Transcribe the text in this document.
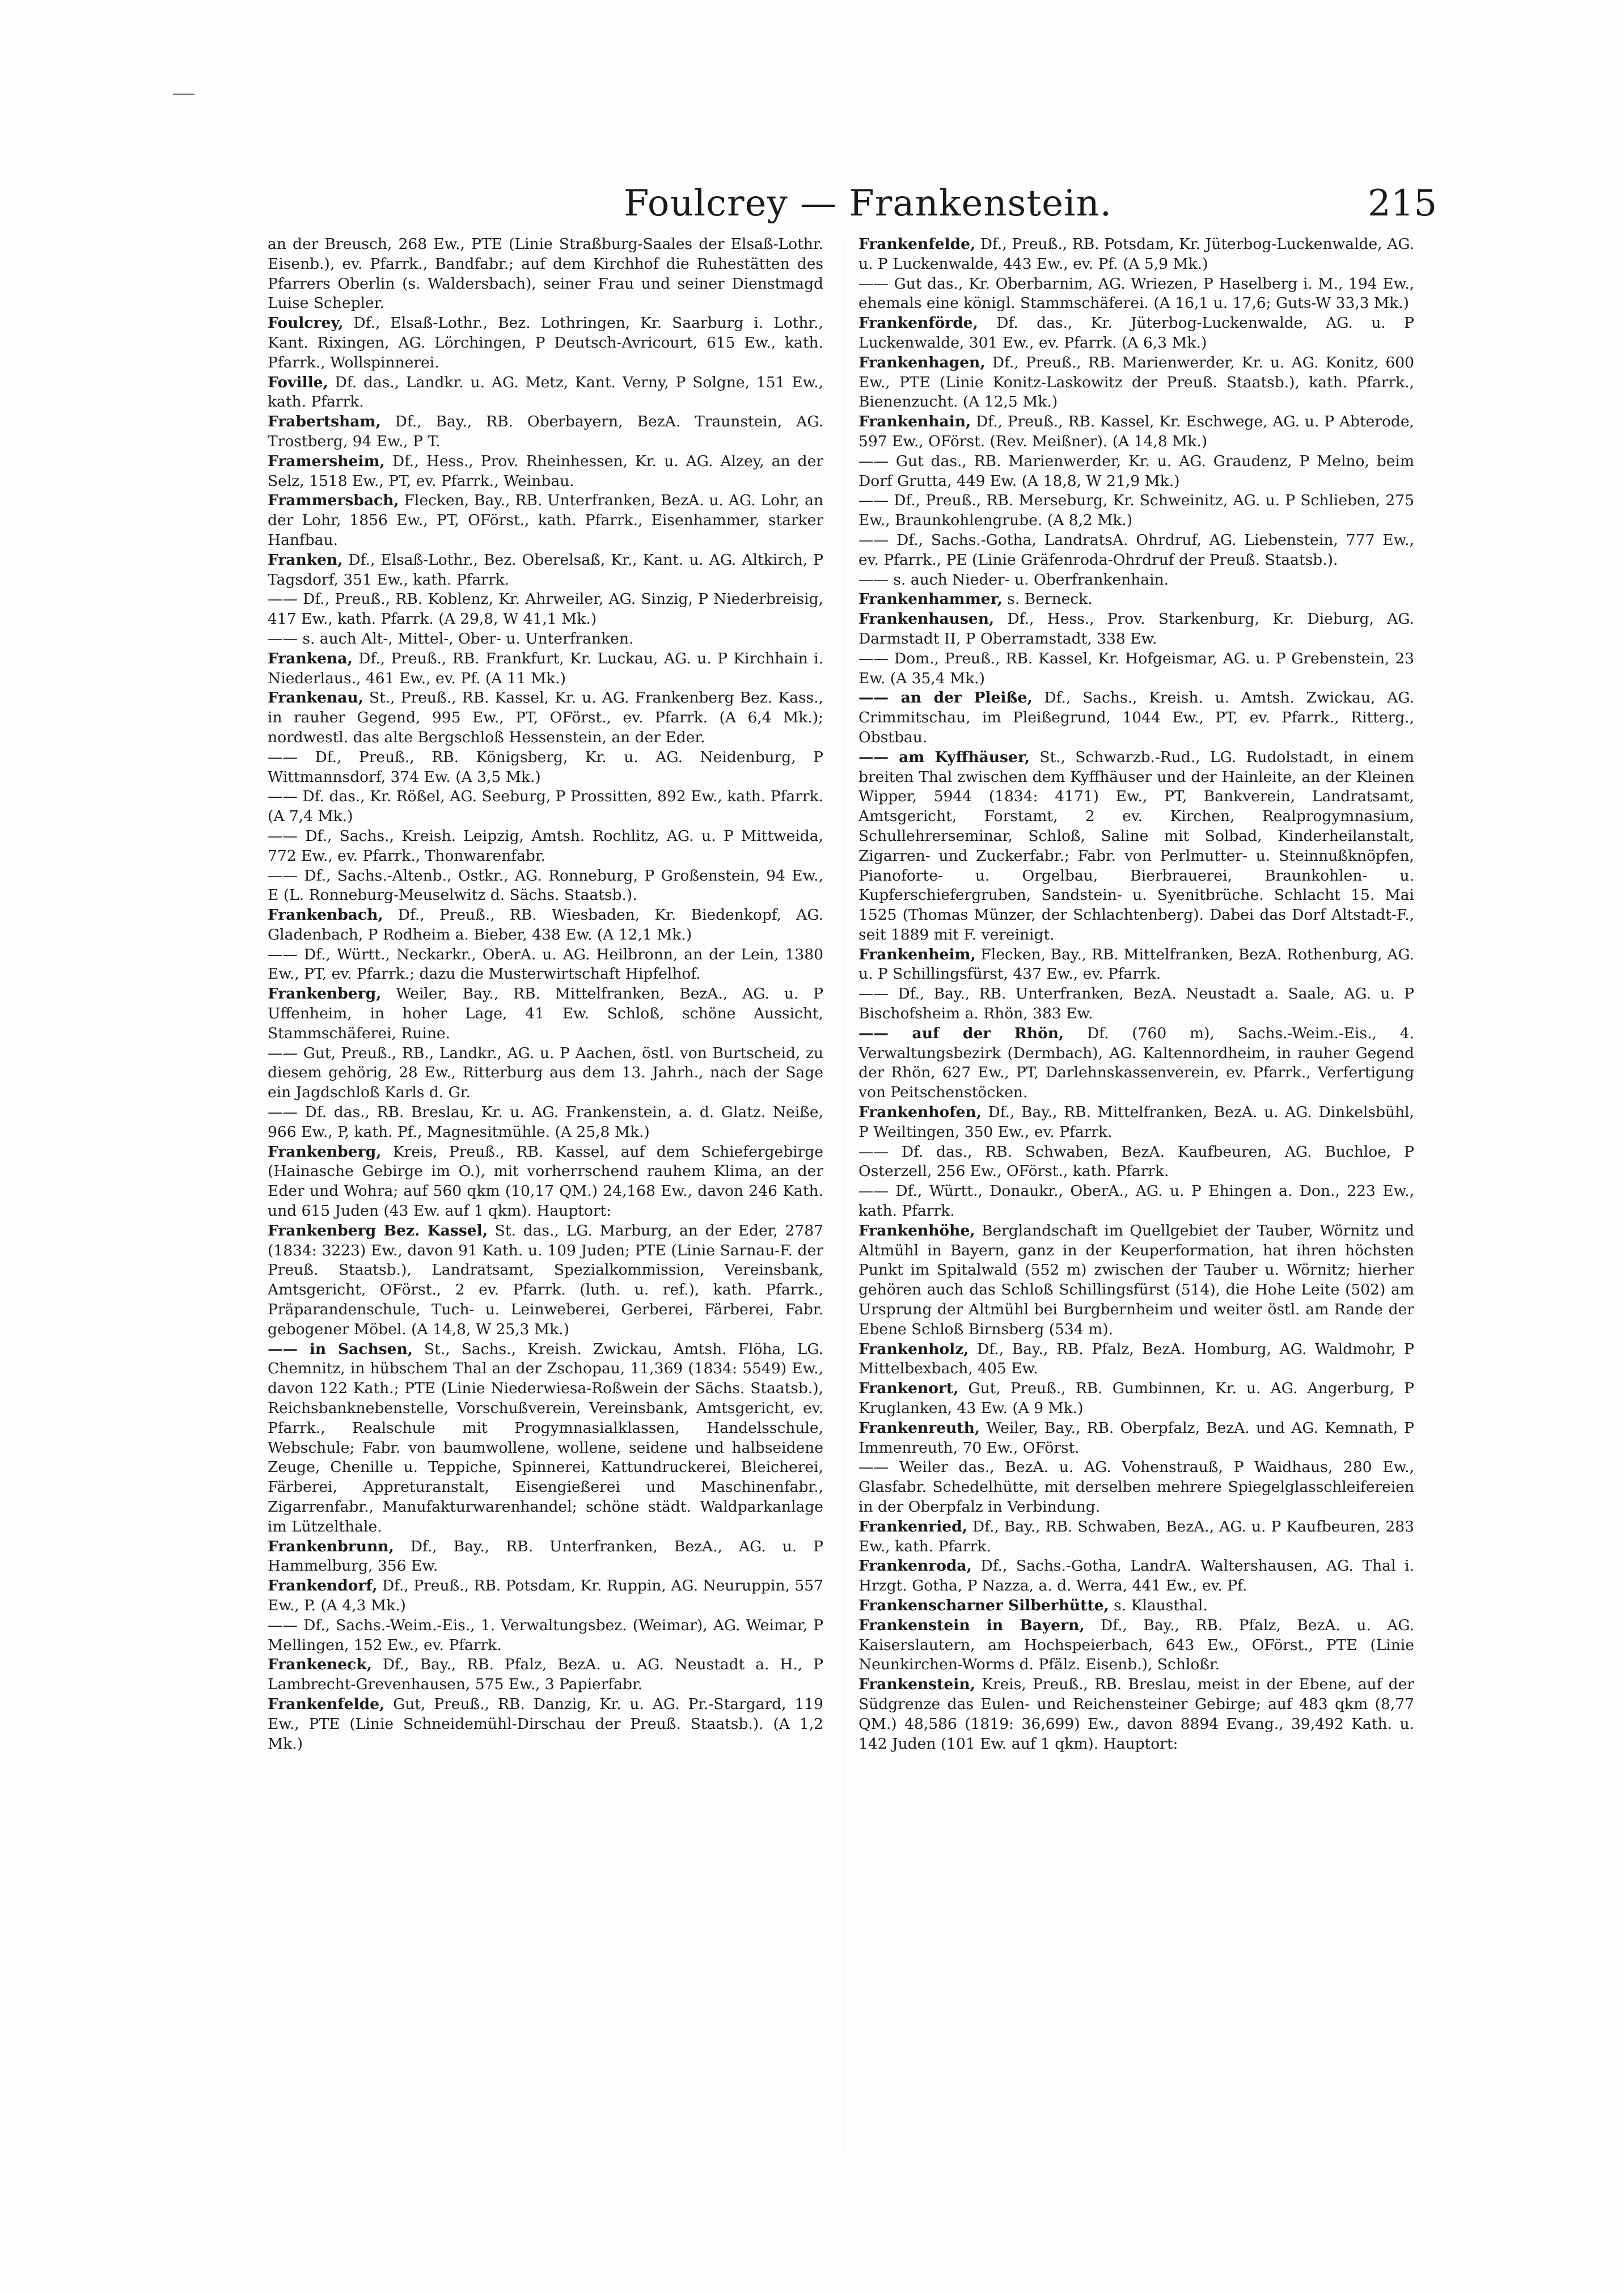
Foulcrey — Frankenstein.	215

an der Breusch, 268 Ew., PTE (Linie Straßburg-Saales der Elsaß-Lothr. Eisenb.), ev. Pfarrk., Bandfabr.; auf dem Kirchhof die Ruhestätten des Pfarrers Oberlin (s. Waldersbach), seiner Frau und seiner Dienstmagd Luise Schepler.

Foulcrey, Df., Elsaß-Lothr., Bez. Lothringen, Kr. Saarburg i. Lothr., Kant. Rixingen, AG. Lörchingen, P Deutsch-Avricourt, 615 Ew., kath. Pfarrk., Wollspinnerei.

Foville, Df. das., Landkr. u. AG. Metz, Kant. Verny, P Solgne, 151 Ew., kath. Pfarrk.

Frabertsham, Df., Bay., RB. Oberbayern, BezA. Traunstein, AG. Trostberg, 94 Ew., P T.

Framersheim, Df., Hess., Prov. Rheinhessen, Kr. u. AG. Alzey, an der Selz, 1518 Ew., PT, ev. Pfarrk., Weinbau.

Frammersbach, Flecken, Bay., RB. Unterfranken, BezA. u. AG. Lohr, an der Lohr, 1856 Ew., PT, OFörst., kath. Pfarrk., Eisenhammer, starker Hanfbau.

Franken, Df., Elsaß-Lothr., Bez. Oberelsaß, Kr., Kant. u. AG. Altkirch, P Tagsdorf, 351 Ew., kath. Pfarrk.

—— Df., Preuß., RB. Koblenz, Kr. Ahrweiler, AG. Sinzig, P Niederbreisig, 417 Ew., kath. Pfarrk. (A 29,8, W 41,1 Mk.)

—— s. auch Alt-, Mittel-, Ober- u. Unterfranken.

Frankena, Df., Preuß., RB. Frankfurt, Kr. Luckau, AG. u. P Kirchhain i. Niederlaus., 461 Ew., ev. Pf. (A 11 Mk.)

Frankenau, St., Preuß., RB. Kassel, Kr. u. AG. Frankenberg Bez. Kass., in rauher Gegend, 995 Ew., PT, OFörst., ev. Pfarrk. (A 6,4 Mk.); nordwestl. das alte Bergschloß Hessenstein, an der Eder.

—— Df., Preuß., RB. Königsberg, Kr. u. AG. Neidenburg, P Wittmannsdorf, 374 Ew. (A 3,5 Mk.)

—— Df. das., Kr. Rößel, AG. Seeburg, P Prossitten, 892 Ew., kath. Pfarrk. (A 7,4 Mk.)

—— Df., Sachs., Kreish. Leipzig, Amtsh. Rochlitz, AG. u. P Mittweida, 772 Ew., ev. Pfarrk., Thonwarenfabr.

—— Df., Sachs.-Altenb., Ostkr., AG. Ronneburg, P Großenstein, 94 Ew., E (L. Ronneburg-Meuselwitz d. Sächs. Staatsb.).

Frankenbach, Df., Preuß., RB. Wiesbaden, Kr. Biedenkopf, AG. Gladenbach, P Rodheim a. Bieber, 438 Ew. (A 12,1 Mk.)

—— Df., Württ., Neckarkr., OberA. u. AG. Heilbronn, an der Lein, 1380 Ew., PT, ev. Pfarrk.; dazu die Musterwirtschaft Hipfelhof.

Frankenberg, Weiler, Bay., RB. Mittelfranken, BezA., AG. u. P Uffenheim, in hoher Lage, 41 Ew. Schloß, schöne Aussicht, Stammschäferei, Ruine.

—— Gut, Preuß., RB., Landkr., AG. u. P Aachen, östl. von Burtscheid, zu diesem gehörig, 28 Ew., Ritterburg aus dem 13. Jahrh., nach der Sage ein Jagdschloß Karls d. Gr.

—— Df. das., RB. Breslau, Kr. u. AG. Frankenstein, a. d. Glatz. Neiße, 966 Ew., P, kath. Pf., Magnesitmühle. (A 25,8 Mk.)

Frankenberg, Kreis, Preuß., RB. Kassel, auf dem Schiefergebirge (Hainasche Gebirge im O.), mit vorherrschend rauhem Klima, an der Eder und Wohra; auf 560 qkm (10,17 QM.) 24,168 Ew., davon 246 Kath. und 615 Juden (43 Ew. auf 1 qkm). Hauptort:

Frankenberg Bez. Kassel, St. das., LG. Marburg, an der Eder, 2787 (1834: 3223) Ew., davon 91 Kath. u. 109 Juden; PTE (Linie Sarnau-F. der Preuß. Staatsb.), Landratsamt, Spezialkommission, Vereinsbank, Amtsgericht, OFörst., 2 ev. Pfarrk. (luth. u. ref.), kath. Pfarrk., Präparandenschule, Tuch- u. Leinweberei, Gerberei, Färberei, Fabr. gebogener Möbel. (A 14,8, W 25,3 Mk.)

—— in Sachsen, St., Sachs., Kreish. Zwickau, Amtsh. Flöha, LG. Chemnitz, in hübschem Thal an der Zschopau, 11,369 (1834: 5549) Ew., davon 122 Kath.; PTE (Linie Niederwiesa-Roßwein der Sächs. Staatsb.), Reichsbanknebenstelle, Vorschußverein, Vereinsbank, Amtsgericht, ev. Pfarrk., Realschule mit Progymnasialklassen, Handelsschule, Webschule; Fabr. von baumwollene, wollene, seidene und halbseidene Zeuge, Chenille u. Teppiche, Spinnerei, Kattundruckerei, Bleicherei, Färberei, Appreturanstalt, Eisengießerei und Maschinenfabr., Zigarrenfabr., Manufakturwarenhandel; schöne städt. Waldparkanlage im Lützelthale.

Frankenbrunn, Df., Bay., RB. Unterfranken, BezA., AG. u. P Hammelburg, 356 Ew.

Frankendorf, Df., Preuß., RB. Potsdam, Kr. Ruppin, AG. Neuruppin, 557 Ew., P. (A 4,3 Mk.)

—— Df., Sachs.-Weim.-Eis., 1. Verwaltungsbez. (Weimar), AG. Weimar, P Mellingen, 152 Ew., ev. Pfarrk.

Frankeneck, Df., Bay., RB. Pfalz, BezA. u. AG. Neustadt a. H., P Lambrecht-Grevenhausen, 575 Ew., 3 Papierfabr.

Frankenfelde, Gut, Preuß., RB. Danzig, Kr. u. AG. Pr.-Stargard, 119 Ew., PTE (Linie Schneidemühl-Dirschau der Preuß. Staatsb.). (A 1,2 Mk.)

Frankenfelde, Df., Preuß., RB. Potsdam, Kr. Jüterbog-Luckenwalde, AG. u. P Luckenwalde, 443 Ew., ev. Pf. (A 5,9 Mk.)

—— Gut das., Kr. Oberbarnim, AG. Wriezen, P Haselberg i. M., 194 Ew., ehemals eine königl. Stammschäferei. (A 16,1 u. 17,6; Guts-W 33,3 Mk.)

Frankenförde, Df. das., Kr. Jüterbog-Luckenwalde, AG. u. P Luckenwalde, 301 Ew., ev. Pfarrk. (A 6,3 Mk.)

Frankenhagen, Df., Preuß., RB. Marienwerder, Kr. u. AG. Konitz, 600 Ew., PTE (Linie Konitz-Laskowitz der Preuß. Staatsb.), kath. Pfarrk., Bienenzucht. (A 12,5 Mk.)

Frankenhain, Df., Preuß., RB. Kassel, Kr. Eschwege, AG. u. P Abterode, 597 Ew., OFörst. (Rev. Meißner). (A 14,8 Mk.)

—— Gut das., RB. Marienwerder, Kr. u. AG. Graudenz, P Melno, beim Dorf Grutta, 449 Ew. (A 18,8, W 21,9 Mk.)

—— Df., Preuß., RB. Merseburg, Kr. Schweinitz, AG. u. P Schlieben, 275 Ew., Braunkohlengrube. (A 8,2 Mk.)

—— Df., Sachs.-Gotha, LandratsA. Ohrdruf, AG. Liebenstein, 777 Ew., ev. Pfarrk., PE (Linie Gräfenroda-Ohrdruf der Preuß. Staatsb.).

—— s. auch Nieder- u. Oberfrankenhain.

Frankenhammer, s. Berneck.

Frankenhausen, Df., Hess., Prov. Starkenburg, Kr. Dieburg, AG. Darmstadt II, P Oberramstadt, 338 Ew.

—— Dom., Preuß., RB. Kassel, Kr. Hofgeismar, AG. u. P Grebenstein, 23 Ew. (A 35,4 Mk.)

—— an der Pleiße, Df., Sachs., Kreish. u. Amtsh. Zwickau, AG. Crimmitschau, im Pleißegrund, 1044 Ew., PT, ev. Pfarrk., Ritterg., Obstbau.

—— am Kyffhäuser, St., Schwarzb.-Rud., LG. Rudolstadt, in einem breiten Thal zwischen dem Kyffhäuser und der Hainleite, an der Kleinen Wipper, 5944 (1834: 4171) Ew., PT, Bankverein, Landratsamt, Amtsgericht, Forstamt, 2 ev. Kirchen, Realprogymnasium, Schullehrerseminar, Schloß, Saline mit Solbad, Kinderheilanstalt, Zigarren- und Zuckerfabr.; Fabr. von Perlmutter- u. Steinnußknöpfen, Pianoforte- u. Orgelbau, Bierbrauerei, Braunkohlen- u. Kupferschiefergruben, Sandstein- u. Syenitbrüche. Schlacht 15. Mai 1525 (Thomas Münzer, der Schlachtenberg). Dabei das Dorf Altstadt-F., seit 1889 mit F. vereinigt.

Frankenheim, Flecken, Bay., RB. Mittelfranken, BezA. Rothenburg, AG. u. P Schillingsfürst, 437 Ew., ev. Pfarrk.

—— Df., Bay., RB. Unterfranken, BezA. Neustadt a. Saale, AG. u. P Bischofsheim a. Rhön, 383 Ew.

—— auf der Rhön, Df. (760 m), Sachs.-Weim.-Eis., 4. Verwaltungsbezirk (Dermbach), AG. Kaltennordheim, in rauher Gegend der Rhön, 627 Ew., PT, Darlehnskassenverein, ev. Pfarrk., Verfertigung von Peitschenstöcken.

Frankenhofen, Df., Bay., RB. Mittelfranken, BezA. u. AG. Dinkelsbühl, P Weiltingen, 350 Ew., ev. Pfarrk.

—— Df. das., RB. Schwaben, BezA. Kaufbeuren, AG. Buchloe, P Osterzell, 256 Ew., OFörst., kath. Pfarrk.

—— Df., Württ., Donaukr., OberA., AG. u. P Ehingen a. Don., 223 Ew., kath. Pfarrk.

Frankenhöhe, Berglandschaft im Quellgebiet der Tauber, Wörnitz und Altmühl in Bayern, ganz in der Keuperformation, hat ihren höchsten Punkt im Spitalwald (552 m) zwischen der Tauber u. Wörnitz; hierher gehören auch das Schloß Schillingsfürst (514), die Hohe Leite (502) am Ursprung der Altmühl bei Burgbernheim und weiter östl. am Rande der Ebene Schloß Birnsberg (534 m).

Frankenholz, Df., Bay., RB. Pfalz, BezA. Homburg, AG. Waldmohr, P Mittelbexbach, 405 Ew.

Frankenort, Gut, Preuß., RB. Gumbinnen, Kr. u. AG. Angerburg, P Kruglanken, 43 Ew. (A 9 Mk.)

Frankenreuth, Weiler, Bay., RB. Oberpfalz, BezA. und AG. Kemnath, P Immenreuth, 70 Ew., OFörst.

—— Weiler das., BezA. u. AG. Vohenstrauß, P Waidhaus, 280 Ew., Glasfabr. Schedelhütte, mit derselben mehrere Spiegelglasschleifereien in der Oberpfalz in Verbindung.

Frankenried, Df., Bay., RB. Schwaben, BezA., AG. u. P Kaufbeuren, 283 Ew., kath. Pfarrk.

Frankenroda, Df., Sachs.-Gotha, LandrA. Waltershausen, AG. Thal i. Hrzgt. Gotha, P Nazza, a. d. Werra, 441 Ew., ev. Pf.

Frankenscharner Silberhütte, s. Klausthal.

Frankenstein in Bayern, Df., Bay., RB. Pfalz, BezA. u. AG. Kaiserslautern, am Hochspeierbach, 643 Ew., OFörst., PTE (Linie Neunkirchen-Worms d. Pfälz. Eisenb.), Schloßr.

Frankenstein, Kreis, Preuß., RB. Breslau, meist in der Ebene, auf der Südgrenze das Eulen- und Reichensteiner Gebirge; auf 483 qkm (8,77 QM.) 48,586 (1819: 36,699) Ew., davon 8894 Evang., 39,492 Kath. u. 142 Juden (101 Ew. auf 1 qkm). Hauptort:
